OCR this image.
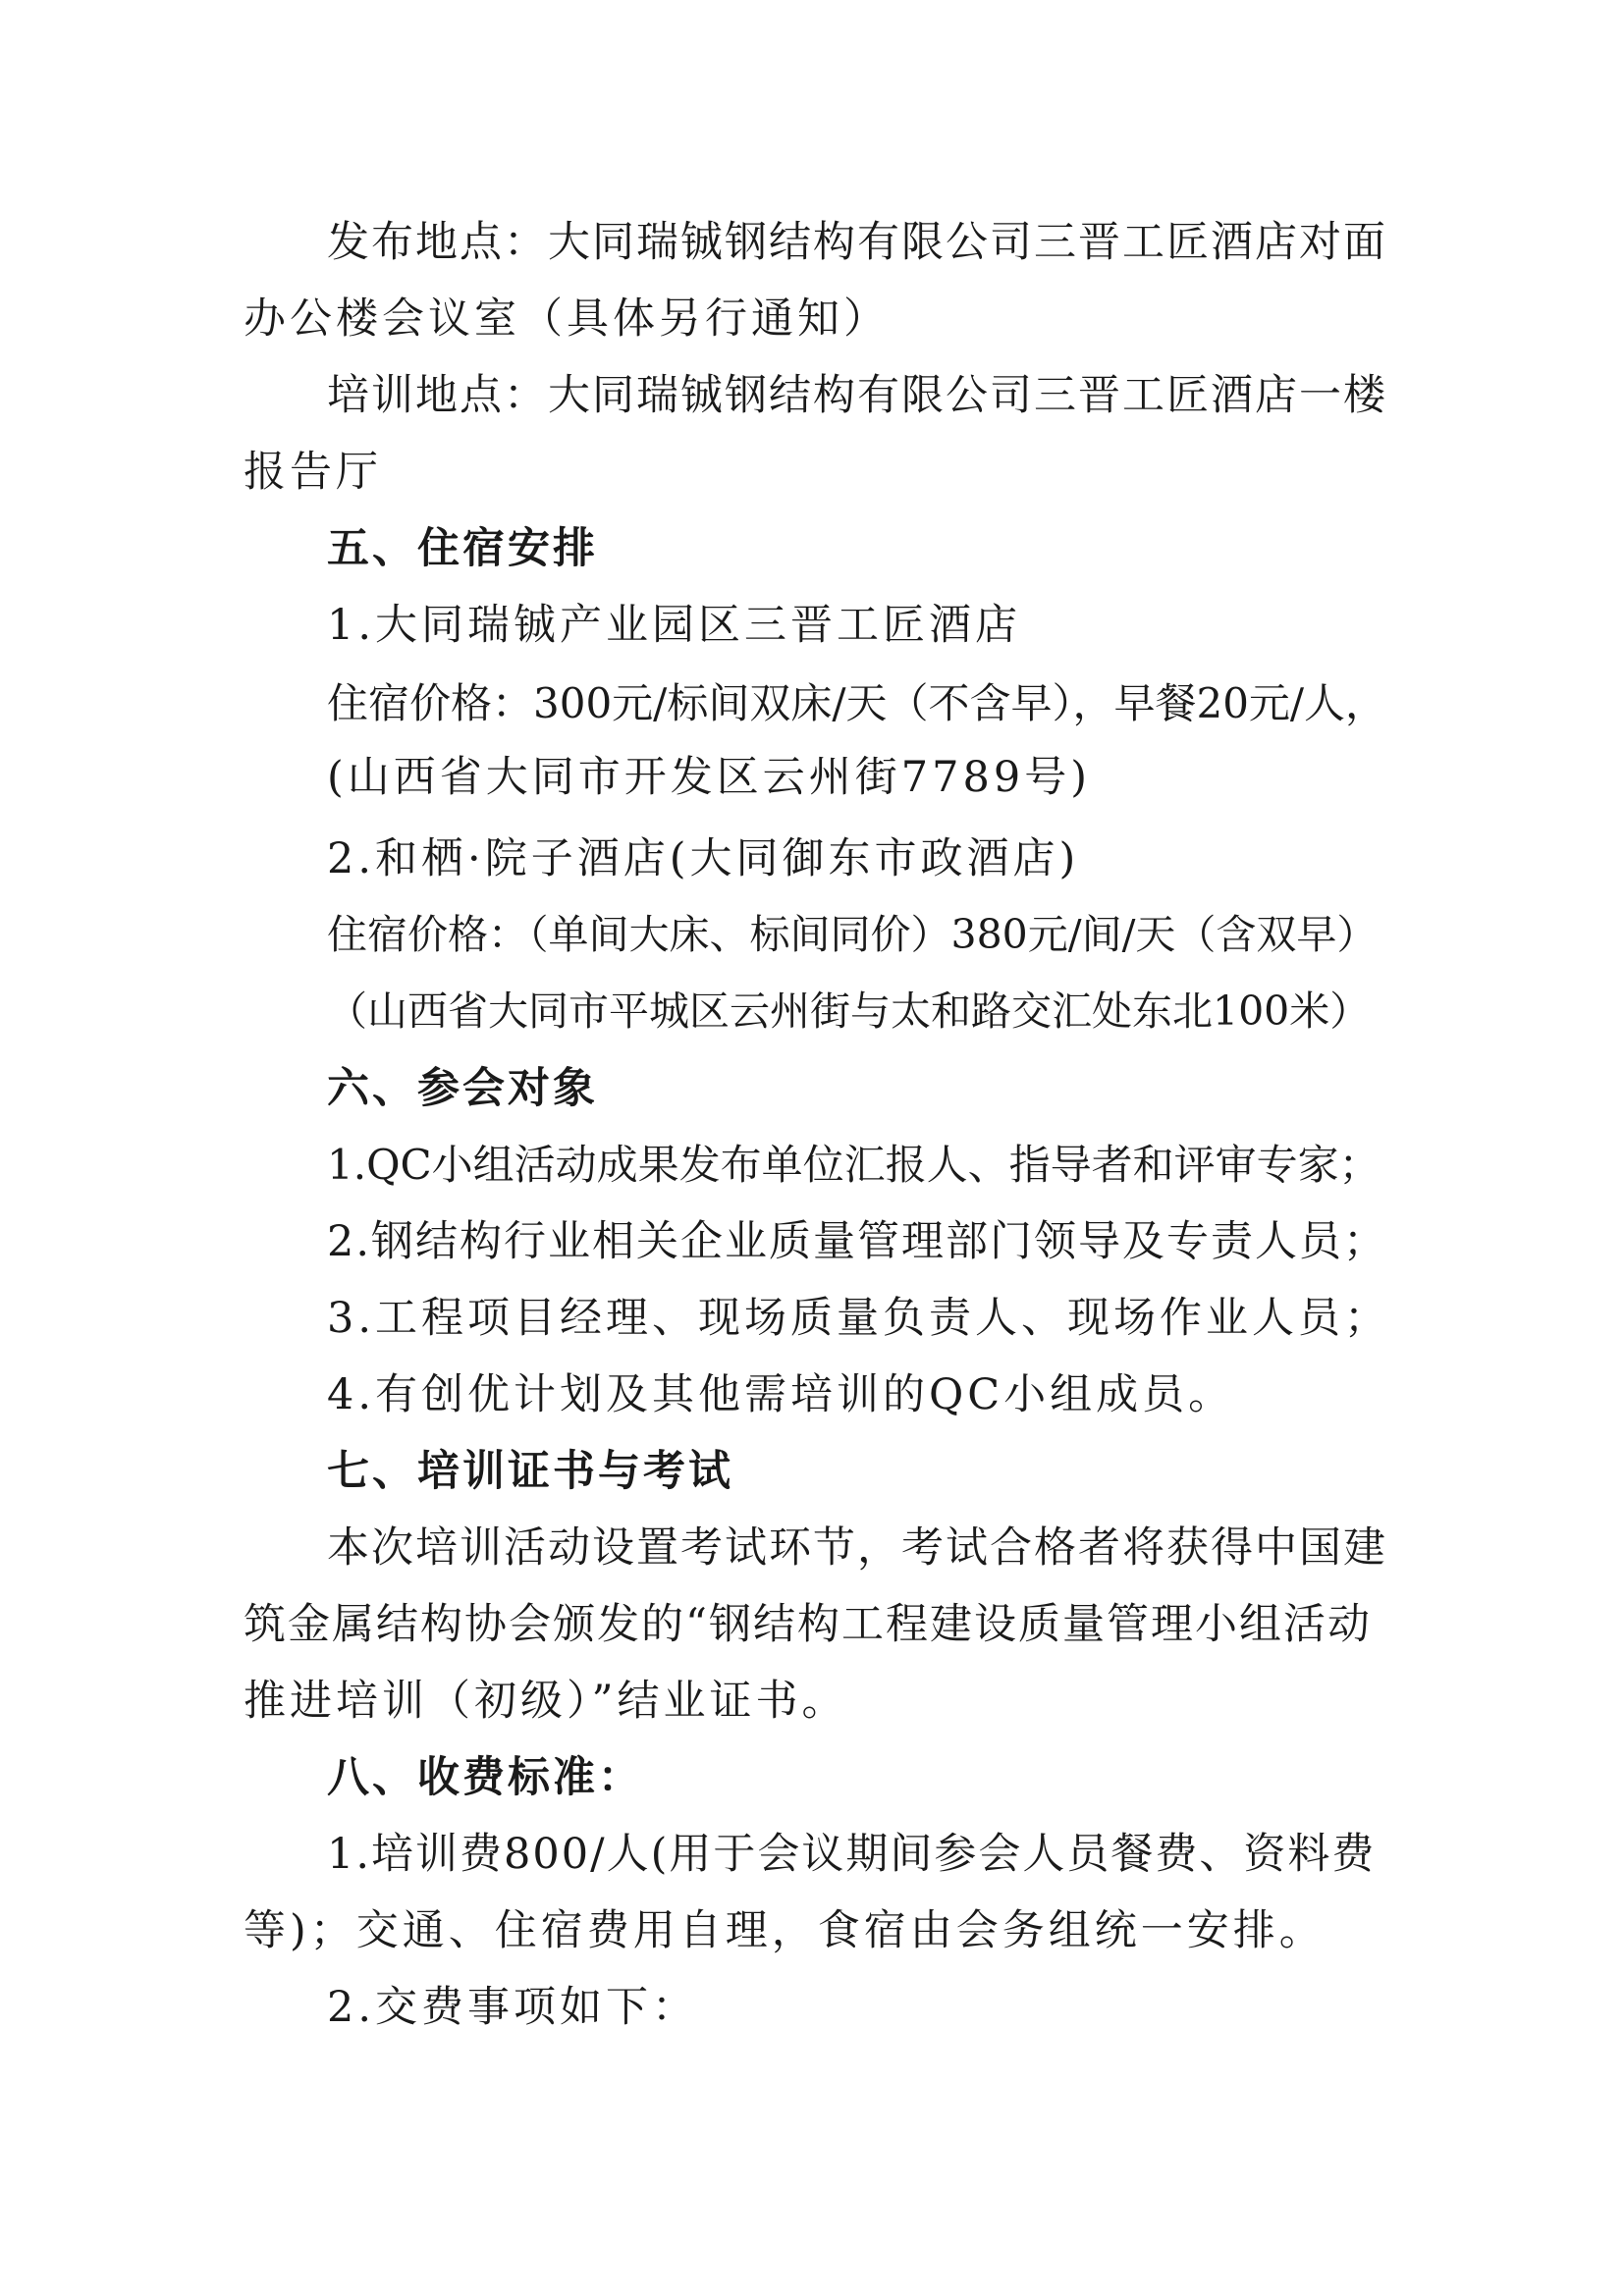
发布地点：大同瑞铖钢结构有限公司三晋工匠酒店对面
办公楼会议室（具体另行通知）
培训地点：大同瑞铖钢结构有限公司三晋工匠酒店一楼
报告厅
五、住宿安排
1.大同瑞铖产业园区三晋工匠酒店
住宿价格：300元/标间双床/天（不含早），早餐20元/人，
(山西省大同市开发区云州街7789号)
2.和栖·院子酒店(大同御东市政酒店)
住宿价格：（单间大床、标间同价）380元/间/天（含双早）
（山西省大同市平城区云州街与太和路交汇处东北100米）
六、参会对象
1.QC小组活动成果发布单位汇报人、指导者和评审专家；
2.钢结构行业相关企业质量管理部门领导及专责人员；
3.工程项目经理、现场质量负责人、现场作业人员；
4.有创优计划及其他需培训的QC小组成员。
七、培训证书与考试
本次培训活动设置考试环节，考试合格者将获得中国建
筑金属结构协会颁发的“钢结构工程建设质量管理小组活动
推进培训（初级）”结业证书。
八、收费标准：
1.培训费800/人(用于会议期间参会人员餐费、资料费
等)；交通、住宿费用自理，食宿由会务组统一安排。
2.交费事项如下：
